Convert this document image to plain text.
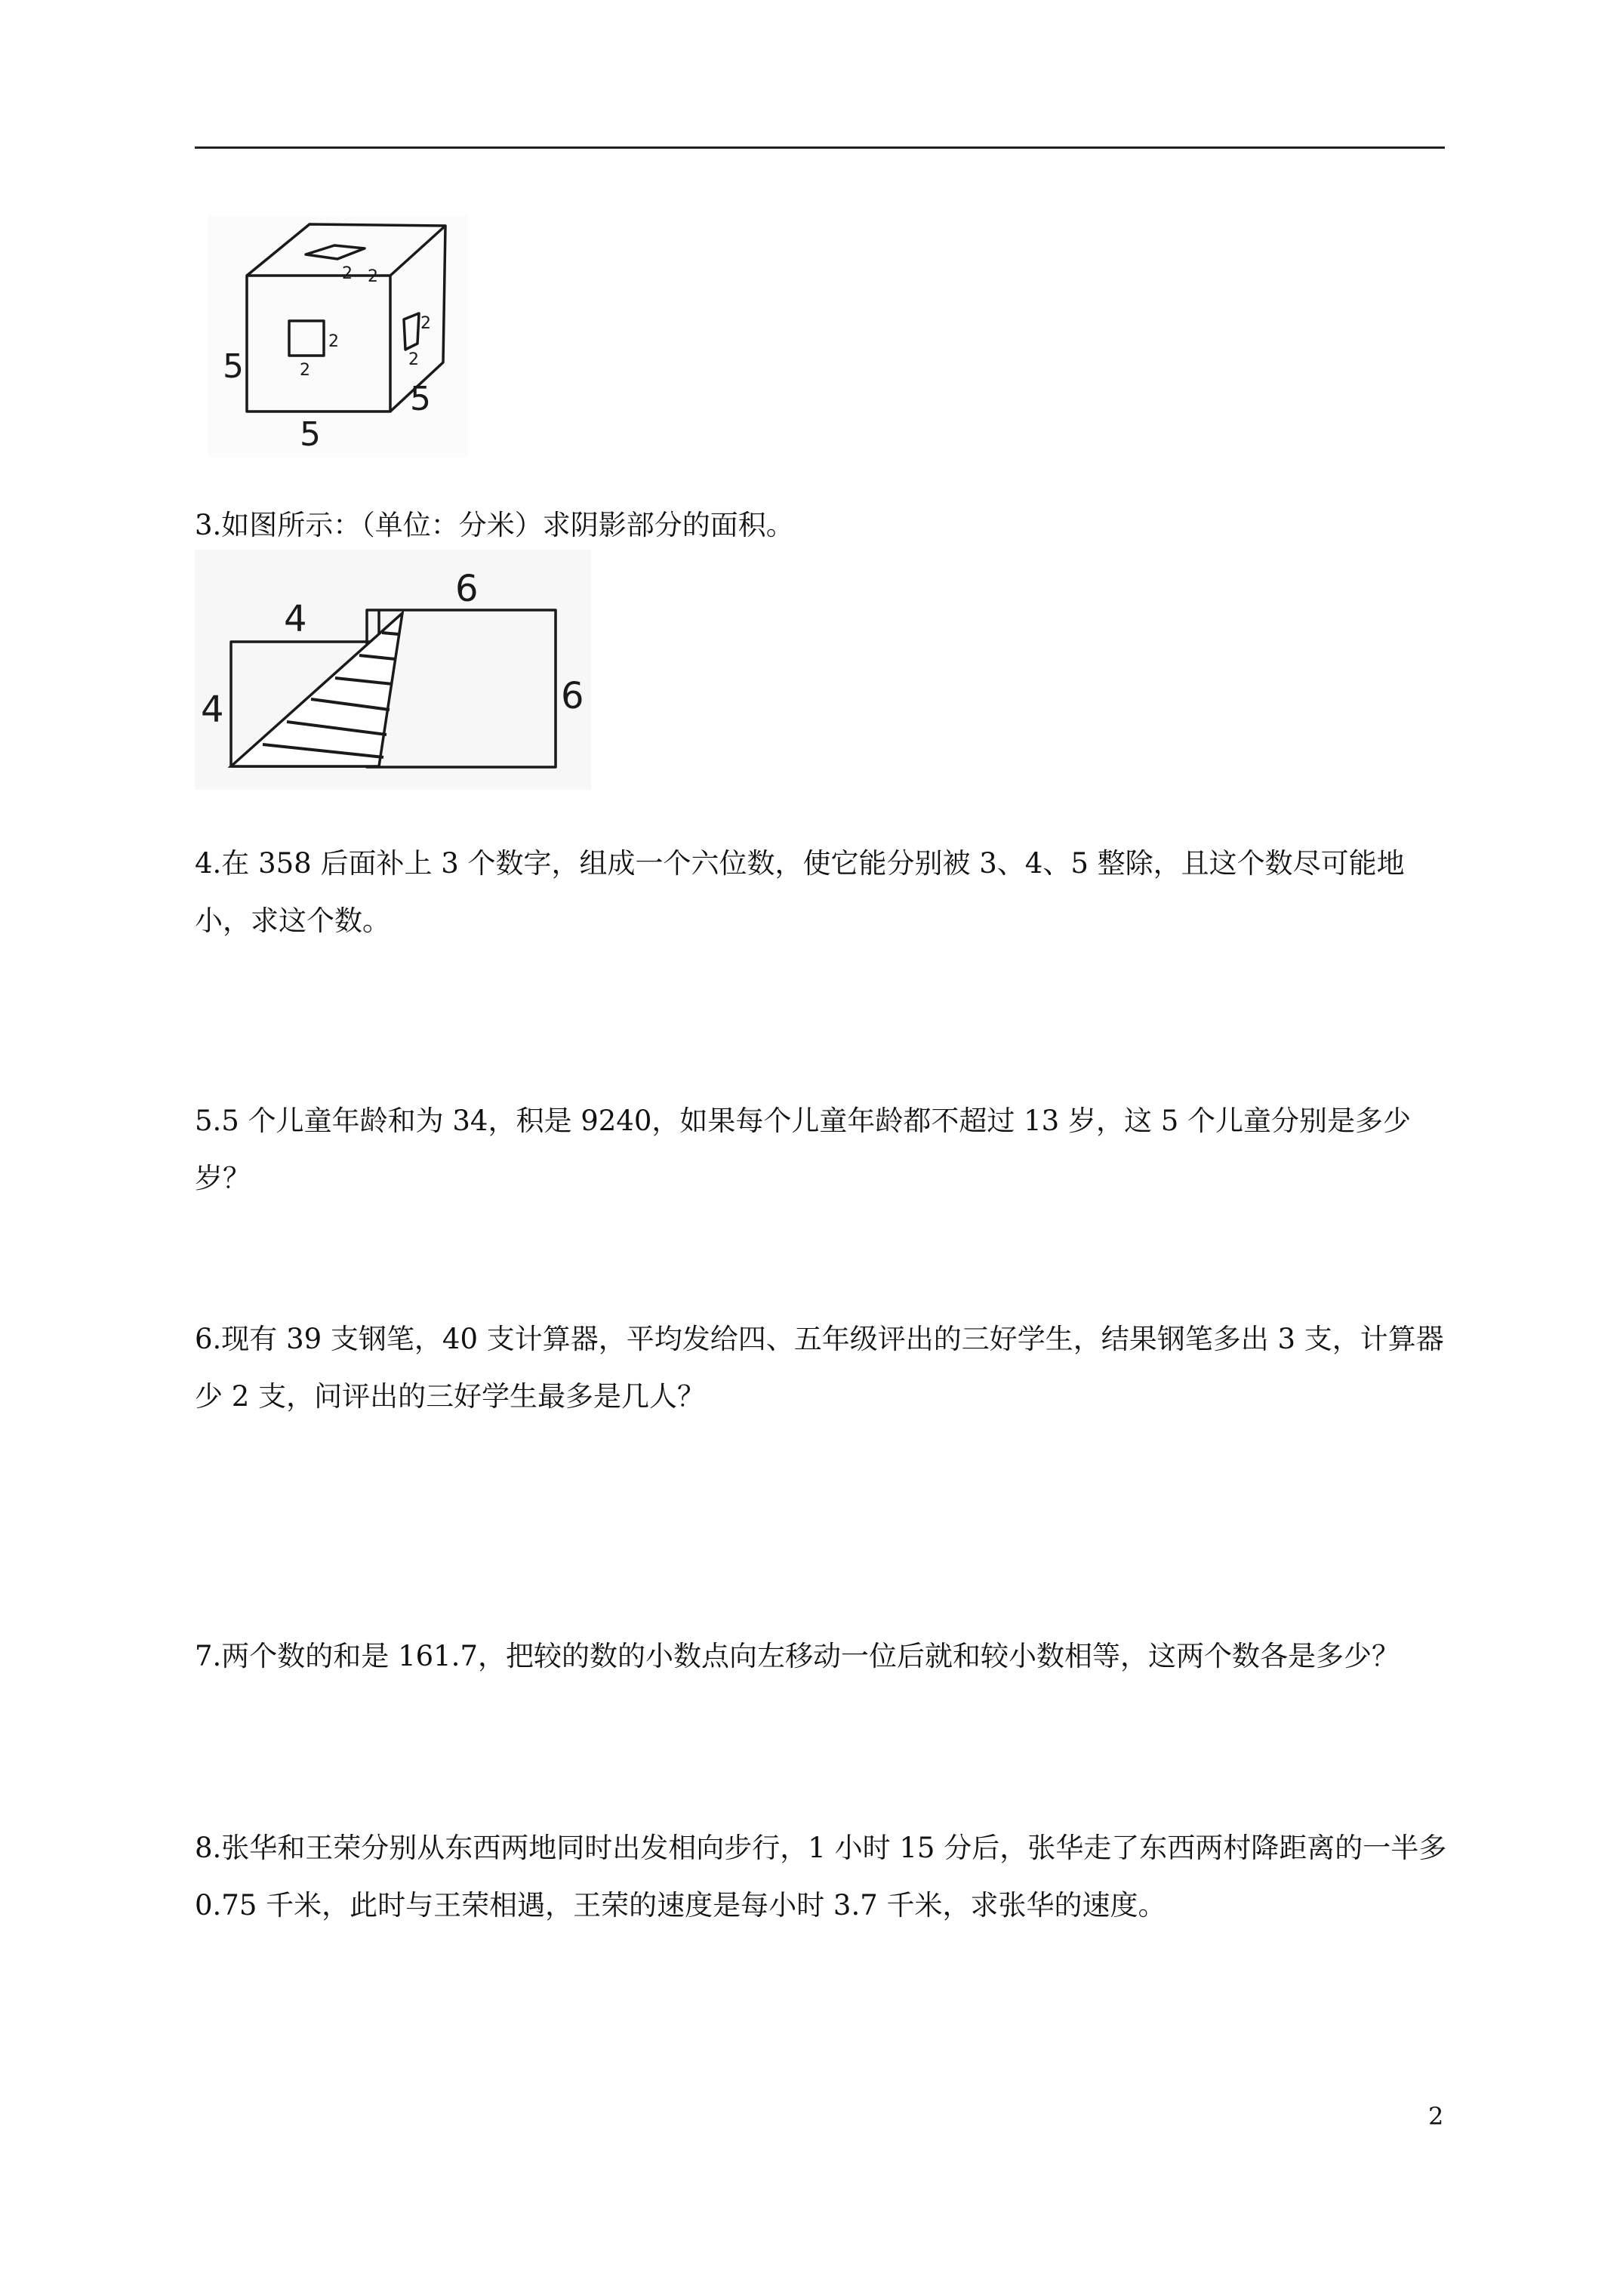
5
5
5
2
2
2
2
2
2

3.如图所示：（单位：分米）求阴影部分的面积。

4
4
6
6

4.在 358 后面补上 3 个数字，组成一个六位数，使它能分别被 3、4、5 整除，且这个数尽可能地小，求这个数。

5.5 个儿童年龄和为 34，积是 9240，如果每个儿童年龄都不超过 13 岁，这 5 个儿童分别是多少岁？

6.现有 39 支钢笔，40 支计算器，平均发给四、五年级评出的三好学生，结果钢笔多出 3 支，计算器少 2 支，问评出的三好学生最多是几人？

7.两个数的和是 161.7，把较的数的小数点向左移动一位后就和较小数相等，这两个数各是多少？

8.张华和王荣分别从东西两地同时出发相向步行，1 小时 15 分后，张华走了东西两村降距离的一半多 0.75 千米，此时与王荣相遇，王荣的速度是每小时 3.7 千米，求张华的速度。

2
